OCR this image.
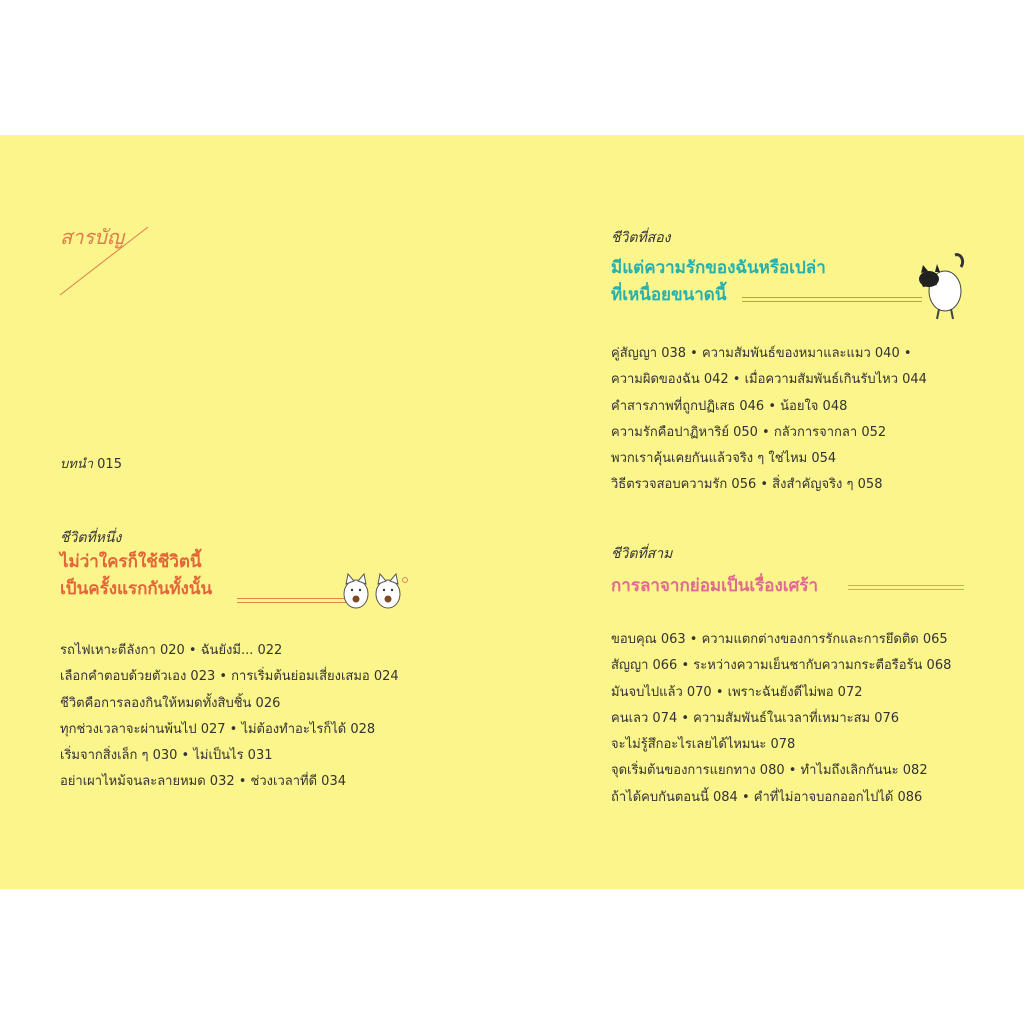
สารบัญ
บทนำ 015
ชีวิตที่หนึ่ง
ไม่ว่าใครก็ใช้ชีวิตนี้
เป็นครั้งแรกกันทั้งนั้น
รถไฟเหาะตีลังกา 020 • ฉันยังมี... 022
เลือกคำตอบด้วยตัวเอง 023 • การเริ่มต้นย่อมเสี่ยงเสมอ 024
ชีวิตคือการลองกินให้หมดทั้งสิบชิ้น 026
ทุกช่วงเวลาจะผ่านพ้นไป 027 • ไม่ต้องทำอะไรก็ได้ 028
เริ่มจากสิ่งเล็ก ๆ 030 • ไม่เป็นไร 031
อย่าเผาไหม้จนละลายหมด 032 • ช่วงเวลาที่ดี 034
ชีวิตที่สอง
มีแต่ความรักของฉันหรือเปล่า
ที่เหนื่อยขนาดนี้
คู่สัญญา 038 • ความสัมพันธ์ของหมาและแมว 040 •
ความผิดของฉัน 042 • เมื่อความสัมพันธ์เกินรับไหว 044
คำสารภาพที่ถูกปฏิเสธ 046 • น้อยใจ 048
ความรักคือปาฏิหาริย์ 050 • กลัวการจากลา 052
พวกเราคุ้นเคยกันแล้วจริง ๆ ใช่ไหม 054
วิธีตรวจสอบความรัก 056 • สิ่งสำคัญจริง ๆ 058
ชีวิตที่สาม
การลาจากย่อมเป็นเรื่องเศร้า
ขอบคุณ 063 • ความแตกต่างของการรักและการยึดติด 065
สัญญา 066 • ระหว่างความเย็นชากับความกระตือรือร้น 068
มันจบไปแล้ว 070 • เพราะฉันยังดีไม่พอ 072
คนเลว 074 • ความสัมพันธ์ในเวลาที่เหมาะสม 076
จะไม่รู้สึกอะไรเลยได้ไหมนะ 078
จุดเริ่มต้นของการแยกทาง 080 • ทำไมถึงเลิกกันนะ 082
ถ้าได้คบกันตอนนี้ 084 • คำที่ไม่อาจบอกออกไปได้ 086
